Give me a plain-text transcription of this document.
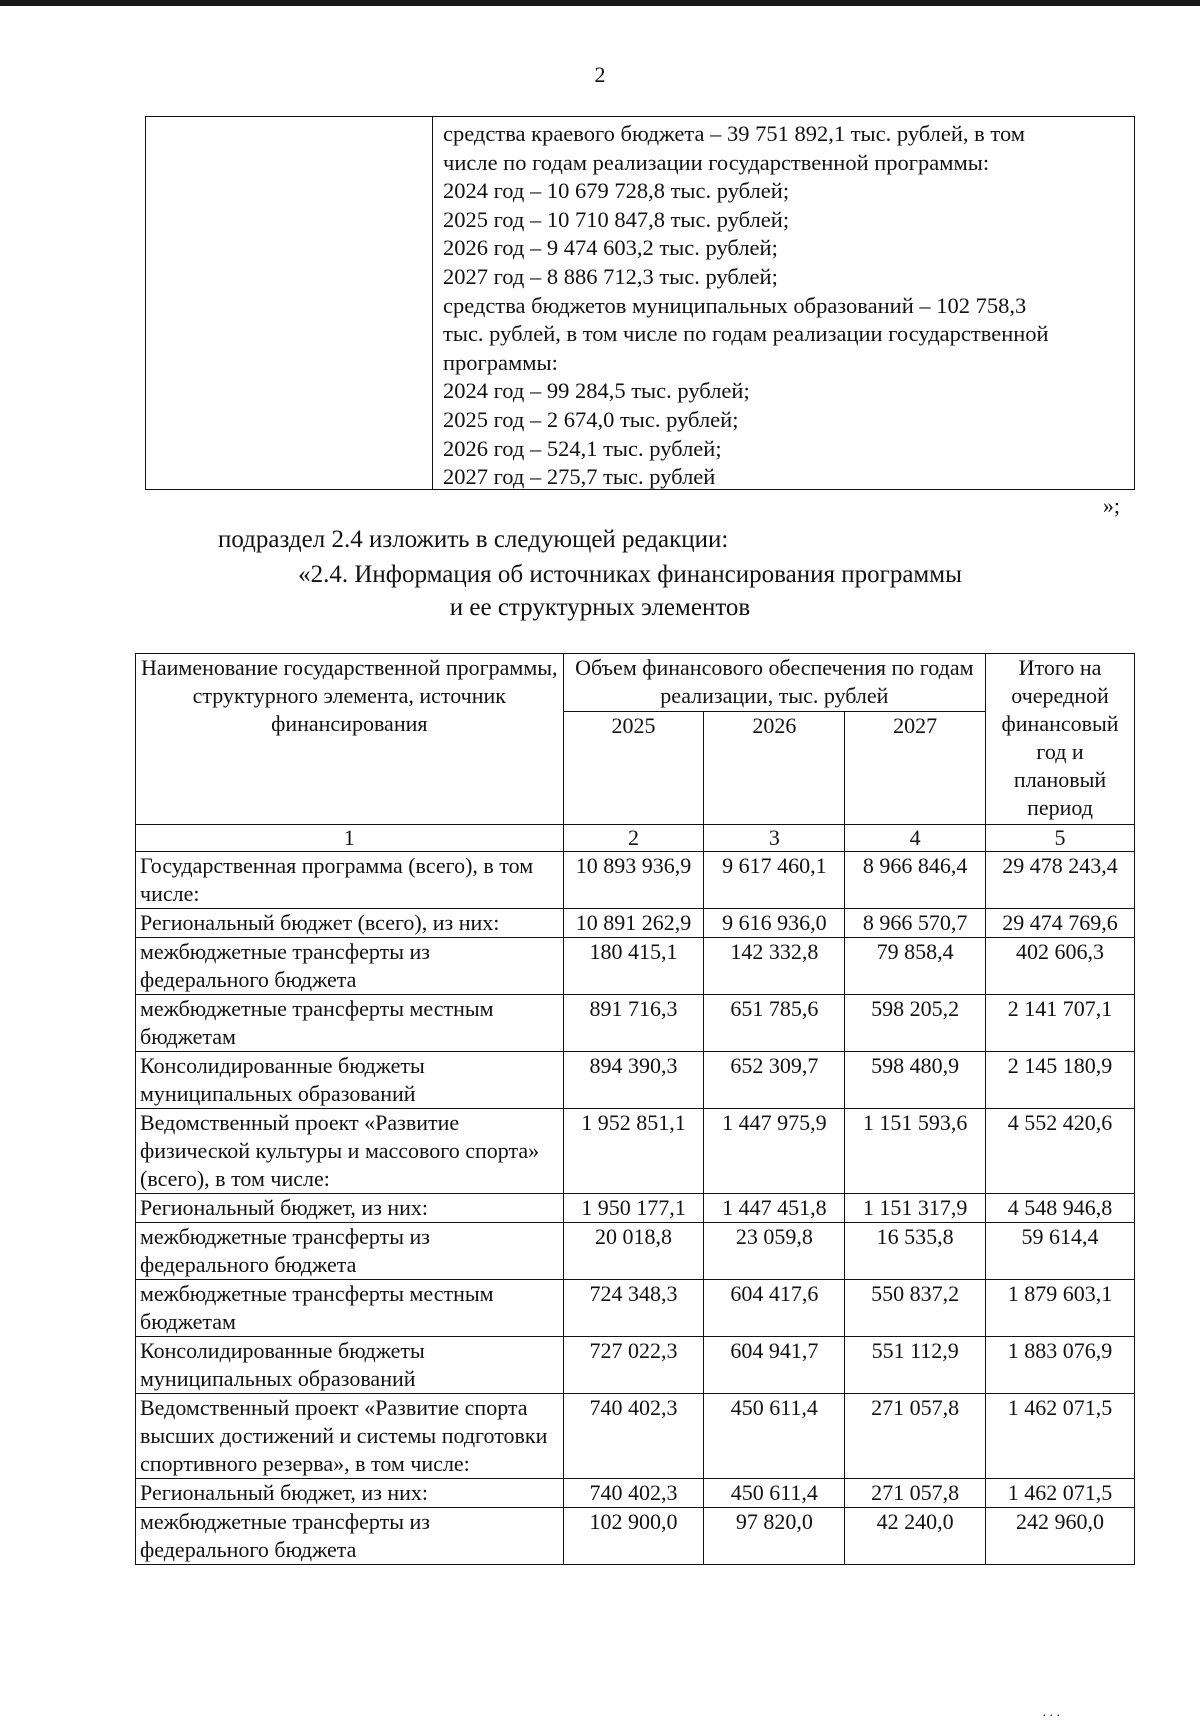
2
средства краевого бюджета – 39 751 892,1 тыс. рублей, в том
числе по годам реализации государственной программы:
2024 год – 10 679 728,8 тыс. рублей;
2025 год – 10 710 847,8 тыс. рублей;
2026 год – 9 474 603,2 тыс. рублей;
2027 год – 8 886 712,3 тыс. рублей;
средства бюджетов муниципальных образований – 102 758,3
тыс. рублей, в том числе по годам реализации государственной
программы:
2024 год – 99 284,5 тыс. рублей;
2025 год – 2 674,0 тыс. рублей;
2026 год – 524,1 тыс. рублей;
2027 год – 275,7 тыс. рублей
»;
подраздел 2.4 изложить в следующей редакции:
«2.4. Информация об источниках финансирования программы
и ее структурных элементов
Наименование государственной программы, структурного элемента, источник финансирования	Объем финансового обеспечения по годам реализации, тыс. рублей			Итого на очередной финансовый год и плановый период
	2025	2026	2027	
1	2	3	4	5
Государственная программа (всего), в том числе:	10 893 936,9	9 617 460,1	8 966 846,4	29 478 243,4
Региональный бюджет (всего), из них:	10 891 262,9	9 616 936,0	8 966 570,7	29 474 769,6
межбюджетные трансферты из федерального бюджета	180 415,1	142 332,8	79 858,4	402 606,3
межбюджетные трансферты местным бюджетам	891 716,3	651 785,6	598 205,2	2 141 707,1
Консолидированные бюджеты муниципальных образований	894 390,3	652 309,7	598 480,9	2 145 180,9
Ведомственный проект «Развитие физической культуры и массового спорта» (всего), в том числе:	1 952 851,1	1 447 975,9	1 151 593,6	4 552 420,6
Региональный бюджет, из них:	1 950 177,1	1 447 451,8	1 151 317,9	4 548 946,8
межбюджетные трансферты из федерального бюджета	20 018,8	23 059,8	16 535,8	59 614,4
межбюджетные трансферты местным бюджетам	724 348,3	604 417,6	550 837,2	1 879 603,1
Консолидированные бюджеты муниципальных образований	727 022,3	604 941,7	551 112,9	1 883 076,9
Ведомственный проект «Развитие спорта высших достижений и системы подготовки спортивного резерва», в том числе:	740 402,3	450 611,4	271 057,8	1 462 071,5
Региональный бюджет, из них:	740 402,3	450 611,4	271 057,8	1 462 071,5
межбюджетные трансферты из федерального бюджета	102 900,0	97 820,0	42 240,0	242 960,0
. . .
